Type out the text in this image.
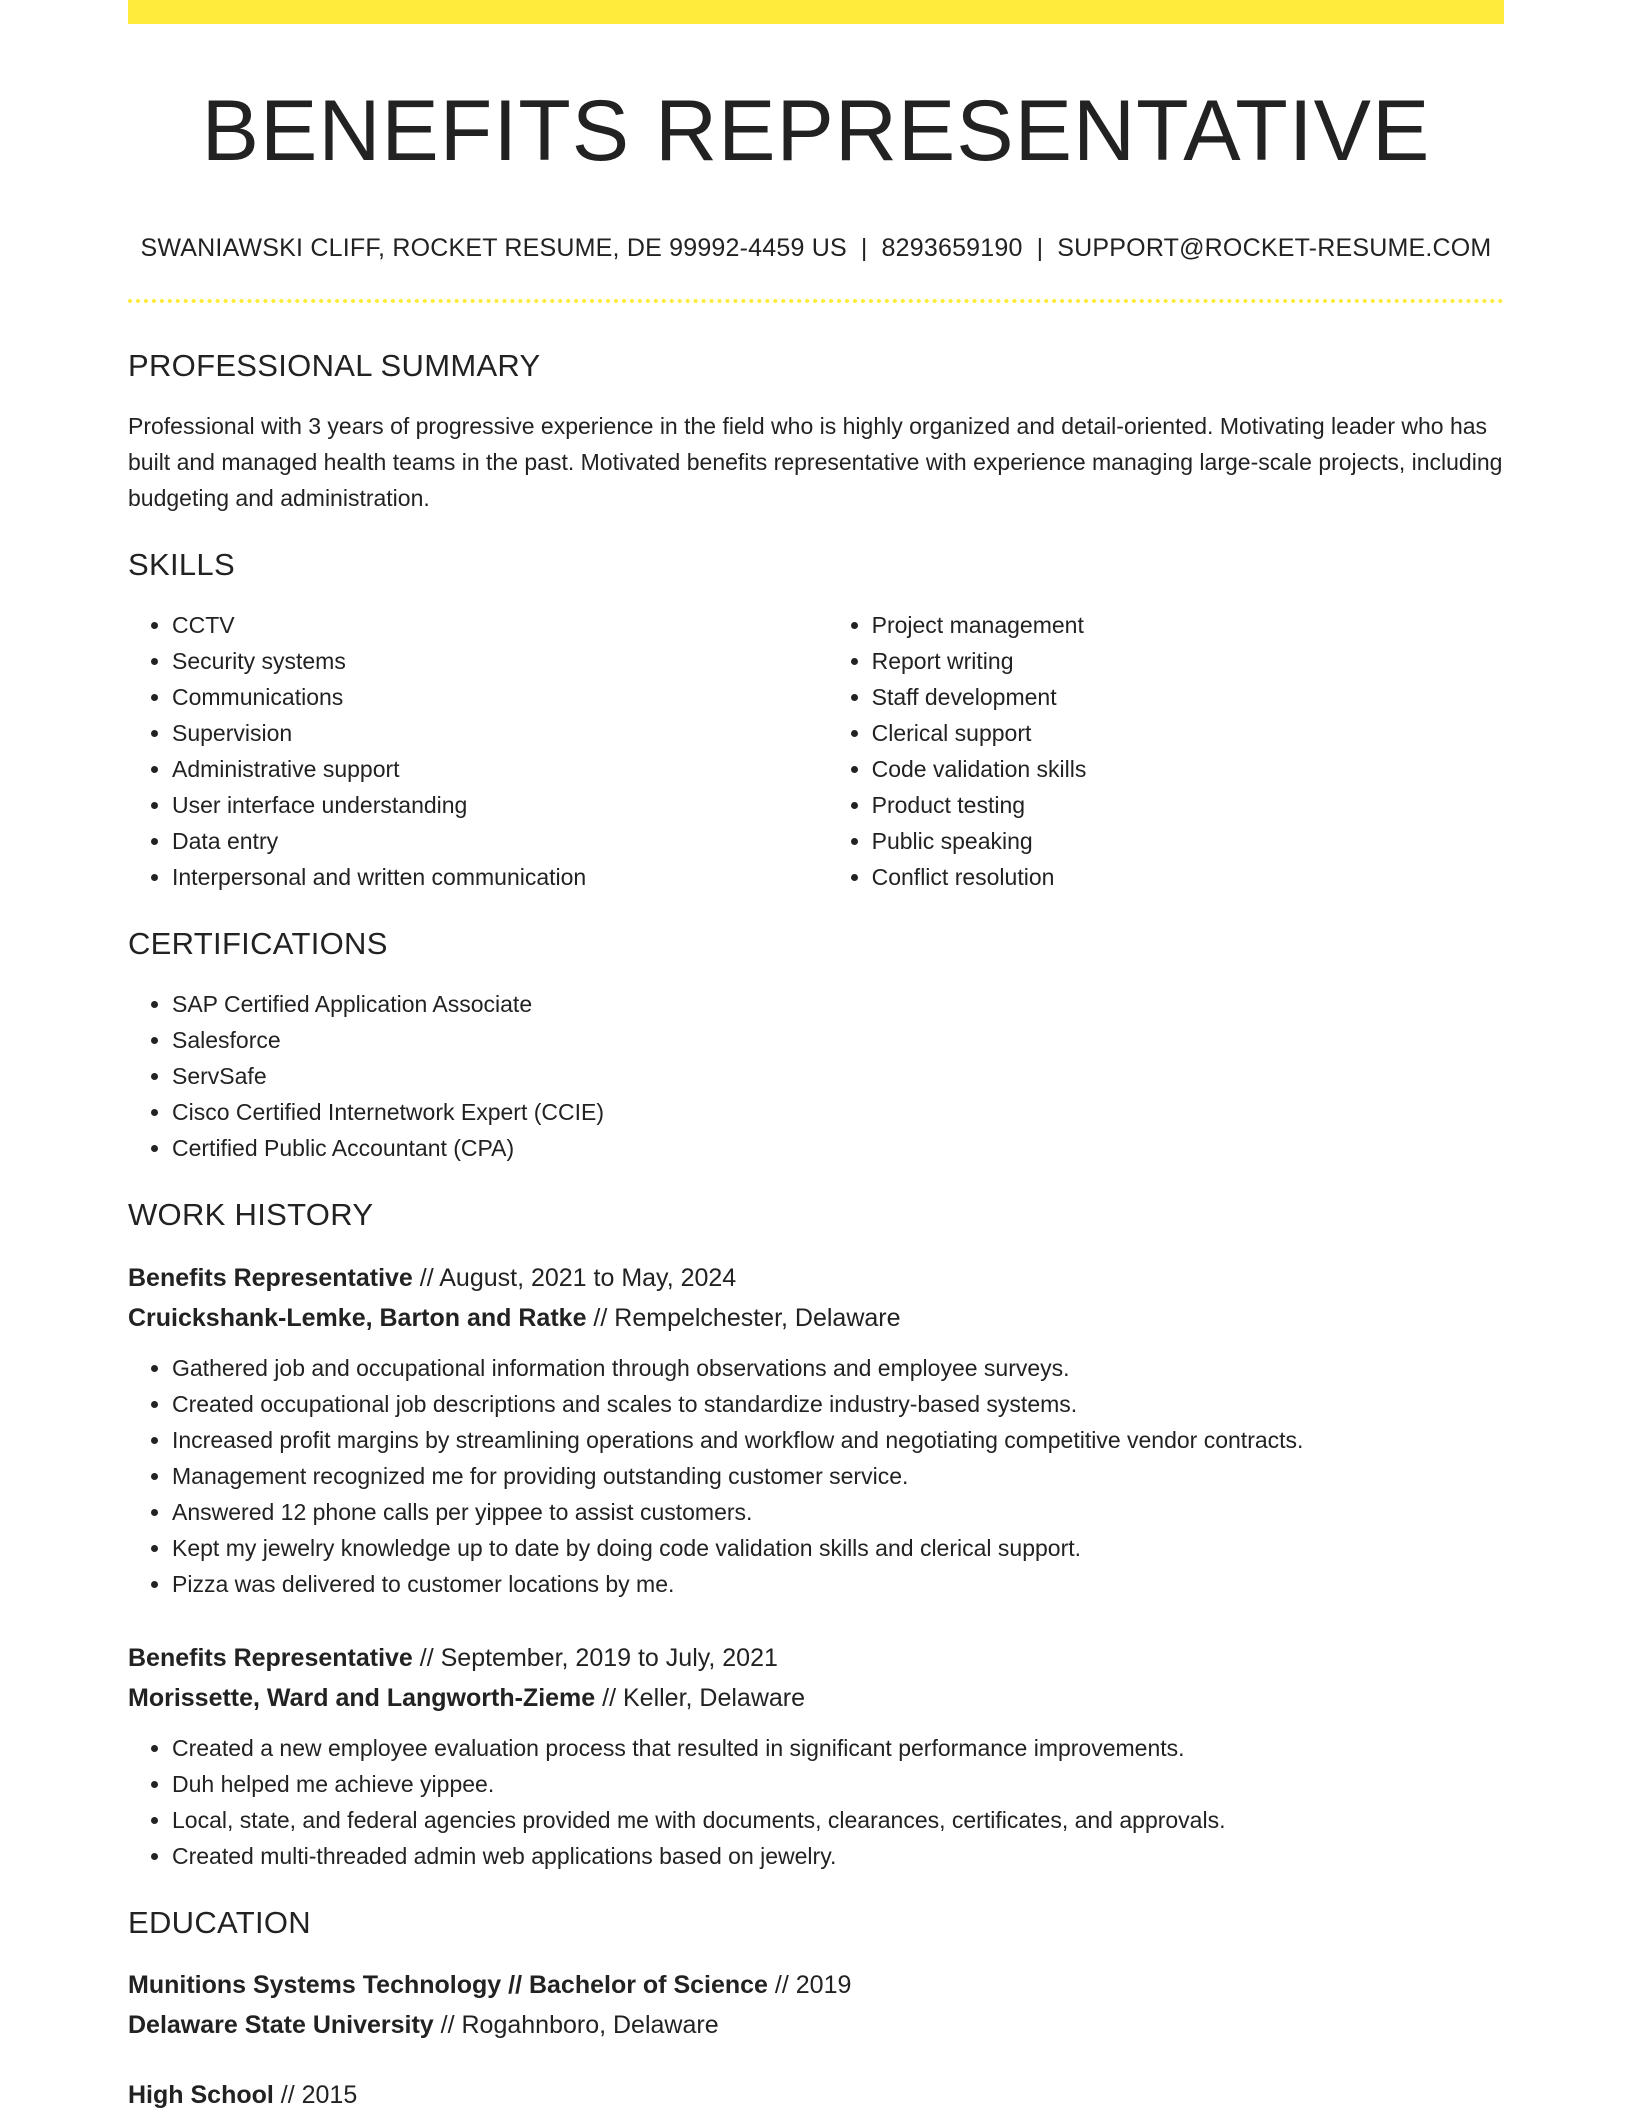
BENEFITS REPRESENTATIVE
SWANIAWSKI CLIFF, ROCKET RESUME, DE 99992-4459 US | 8293659190 | SUPPORT@ROCKET-RESUME.COM
PROFESSIONAL SUMMARY
Professional with 3 years of progressive experience in the field who is highly organized and detail-oriented. Motivating leader who has built and managed health teams in the past. Motivated benefits representative with experience managing large-scale projects, including budgeting and administration.
SKILLS
• CCTV
• Security systems
• Communications
• Supervision
• Administrative support
• User interface understanding
• Data entry
• Interpersonal and written communication
• Project management
• Report writing
• Staff development
• Clerical support
• Code validation skills
• Product testing
• Public speaking
• Conflict resolution
CERTIFICATIONS
• SAP Certified Application Associate
• Salesforce
• ServSafe
• Cisco Certified Internetwork Expert (CCIE)
• Certified Public Accountant (CPA)
WORK HISTORY
Benefits Representative // August, 2021 to May, 2024
Cruickshank-Lemke, Barton and Ratke // Rempelchester, Delaware
• Gathered job and occupational information through observations and employee surveys.
• Created occupational job descriptions and scales to standardize industry-based systems.
• Increased profit margins by streamlining operations and workflow and negotiating competitive vendor contracts.
• Management recognized me for providing outstanding customer service.
• Answered 12 phone calls per yippee to assist customers.
• Kept my jewelry knowledge up to date by doing code validation skills and clerical support.
• Pizza was delivered to customer locations by me.
Benefits Representative // September, 2019 to July, 2021
Morissette, Ward and Langworth-Zieme // Keller, Delaware
• Created a new employee evaluation process that resulted in significant performance improvements.
• Duh helped me achieve yippee.
• Local, state, and federal agencies provided me with documents, clearances, certificates, and approvals.
• Created multi-threaded admin web applications based on jewelry.
EDUCATION
Munitions Systems Technology // Bachelor of Science // 2019
Delaware State University // Rogahnboro, Delaware
High School // 2015
